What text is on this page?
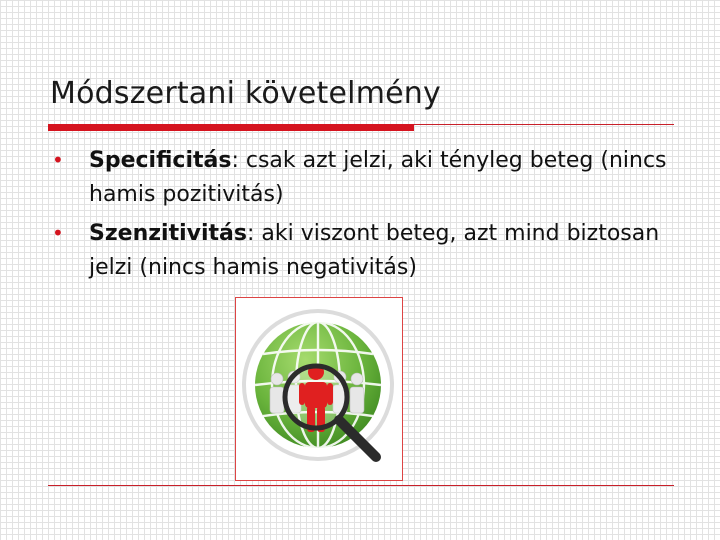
Módszertani követelmény
• Specificitás: csak azt jelzi, aki tényleg beteg (nincs hamis pozitivitás)
• Szenzitivitás: aki viszont beteg, azt mind biztosan jelzi (nincs hamis negativitás)
